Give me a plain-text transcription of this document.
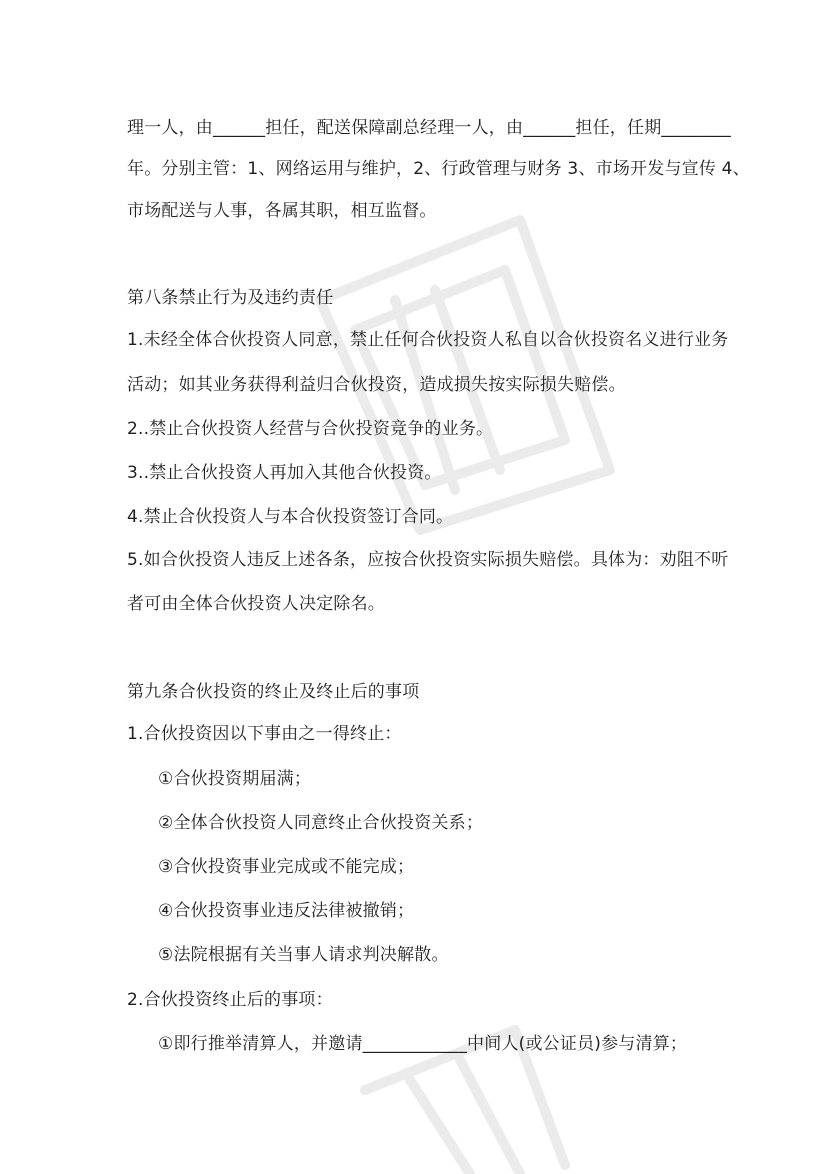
理一人，由______担任，配送保障副总经理一人，由______担任，任期________
年。分别主管：1、网络运用与维护，2、行政管理与财务 3、市场开发与宣传 4、
市场配送与人事，各属其职，相互监督。
第八条禁止行为及违约责任
1.未经全体合伙投资人同意，禁止任何合伙投资人私自以合伙投资名义进行业务
活动；如其业务获得利益归合伙投资，造成损失按实际损失赔偿。
2..禁止合伙投资人经营与合伙投资竞争的业务。
3..禁止合伙投资人再加入其他合伙投资。
4.禁止合伙投资人与本合伙投资签订合同。
5.如合伙投资人违反上述各条，应按合伙投资实际损失赔偿。具体为：劝阻不听
者可由全体合伙投资人决定除名。
第九条合伙投资的终止及终止后的事项
1.合伙投资因以下事由之一得终止：
①合伙投资期届满；
②全体合伙投资人同意终止合伙投资关系；
③合伙投资事业完成或不能完成；
④合伙投资事业违反法律被撤销；
⑤法院根据有关当事人请求判决解散。
2.合伙投资终止后的事项：
①即行推举清算人，并邀请____________中间人(或公证员)参与清算；
